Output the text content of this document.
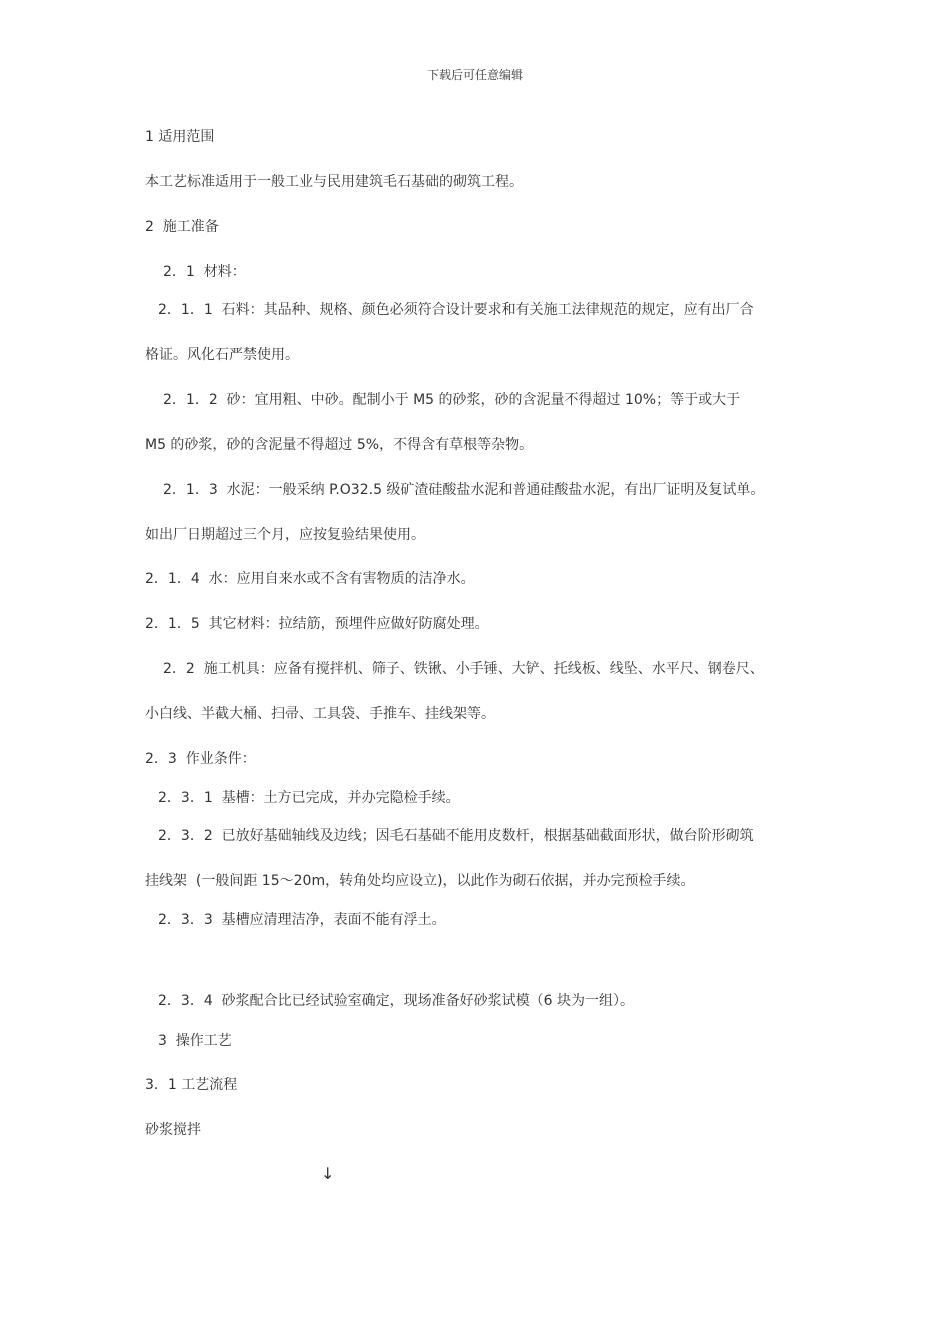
下载后可任意编辑
1 适用范围
本工艺标准适用于一般工业与民用建筑毛石基础的砌筑工程。
2  施工准备
2．1  材料：
2．1．1  石料：其品种、规格、颜色必须符合设计要求和有关施工法律规范的规定，应有出厂合
格证。风化石严禁使用。
2．1．2  砂：宜用粗、中砂。配制小于 M5 的砂浆，砂的含泥量不得超过 10%；等于或大于
M5 的砂浆，砂的含泥量不得超过 5%，不得含有草根等杂物。
2．1．3  水泥：一般采纳 P.O32.5 级矿渣硅酸盐水泥和普通硅酸盐水泥，有出厂证明及复试单。
如出厂日期超过三个月，应按复验结果使用。
2．1．4  水：应用自来水或不含有害物质的洁净水。
2．1．5  其它材料：拉结筋，预埋件应做好防腐处理。
2．2  施工机具：应备有搅拌机、筛子、铁锹、小手锤、大铲、托线板、线坠、水平尺、钢卷尺、
小白线、半截大桶、扫帚、工具袋、手推车、挂线架等。
2．3  作业条件：
2．3．1  基槽：土方已完成，并办完隐检手续。
2．3．2  已放好基础轴线及边线；因毛石基础不能用皮数杆，根据基础截面形状，做台阶形砌筑
挂线架  (一般间距 15～20m，转角处均应设立)，以此作为砌石依据，并办完预检手续。
2．3．3  基槽应清理洁净，表面不能有浮土。
2．3．4  砂浆配合比已经试验室确定，现场准备好砂浆试模（6 块为一组）。
3  操作工艺
3．1 工艺流程
砂浆搅拌
↓
